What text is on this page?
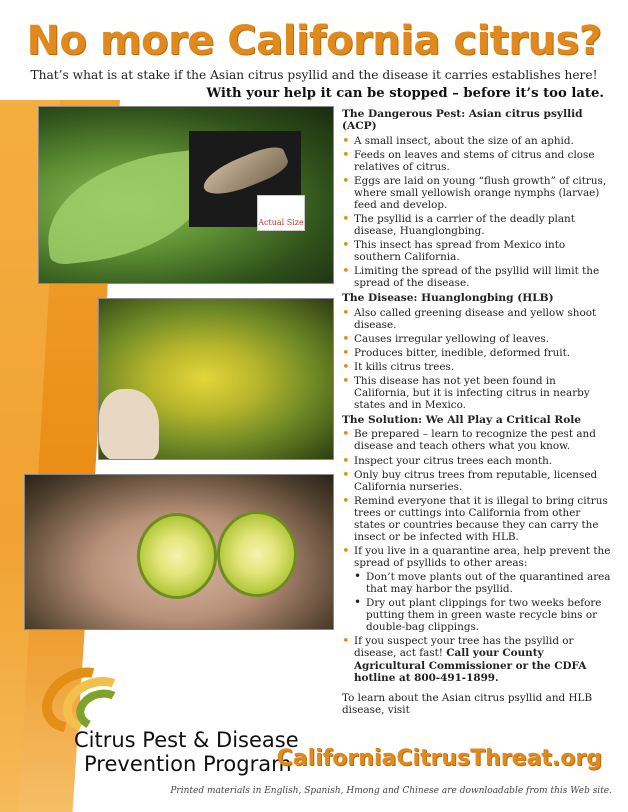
No more California citrus?

That’s what is at stake if the Asian citrus psyllid and the disease it carries establishes here!

With your help it can be stopped – before it’s too late.

Actual Size
The Dangerous Pest: Asian citrus psyllid (ACP)
• A small insect, about the size of an aphid.
• Feeds on leaves and stems of citrus and close relatives of citrus.
• Eggs are laid on young “flush growth” of citrus, where small yellowish orange nymphs (larvae) feed and develop.
• The psyllid is a carrier of the deadly plant disease, Huanglongbing.
• This insect has spread from Mexico into southern California.
• Limiting the spread of the psyllid will limit the spread of the disease.
The Disease: Huanglongbing (HLB)
• Also called greening disease and yellow shoot disease.
• Causes irregular yellowing of leaves.
• Produces bitter, inedible, deformed fruit.
• It kills citrus trees.
• This disease has not yet been found in California, but it is infecting citrus in nearby states and in Mexico.
The Solution: We All Play a Critical Role
• Be prepared – learn to recognize the pest and disease and teach others what you know.
• Inspect your citrus trees each month.
• Only buy citrus trees from reputable, licensed California nurseries.
• Remind everyone that it is illegal to bring citrus trees or cuttings into California from other states or countries because they can carry the insect or be infected with HLB.
• If you live in a quarantine area, help prevent the spread of psyllids to other areas:
• Don’t move plants out of the quarantined area that may harbor the psyllid.
• Dry out plant clippings for two weeks before putting them in green waste recycle bins or double-bag clippings.
• If you suspect your tree has the psyllid or disease, act fast! Call your County Agricultural Commissioner or the CDFA hotline at 800-491-1899.

To learn about the Asian citrus psyllid and HLB disease, visit

Citrus Pest & Disease
Prevention Program
CaliforniaCitrusThreat.org

Printed materials in English, Spanish, Hmong and Chinese are downloadable from this Web site.
